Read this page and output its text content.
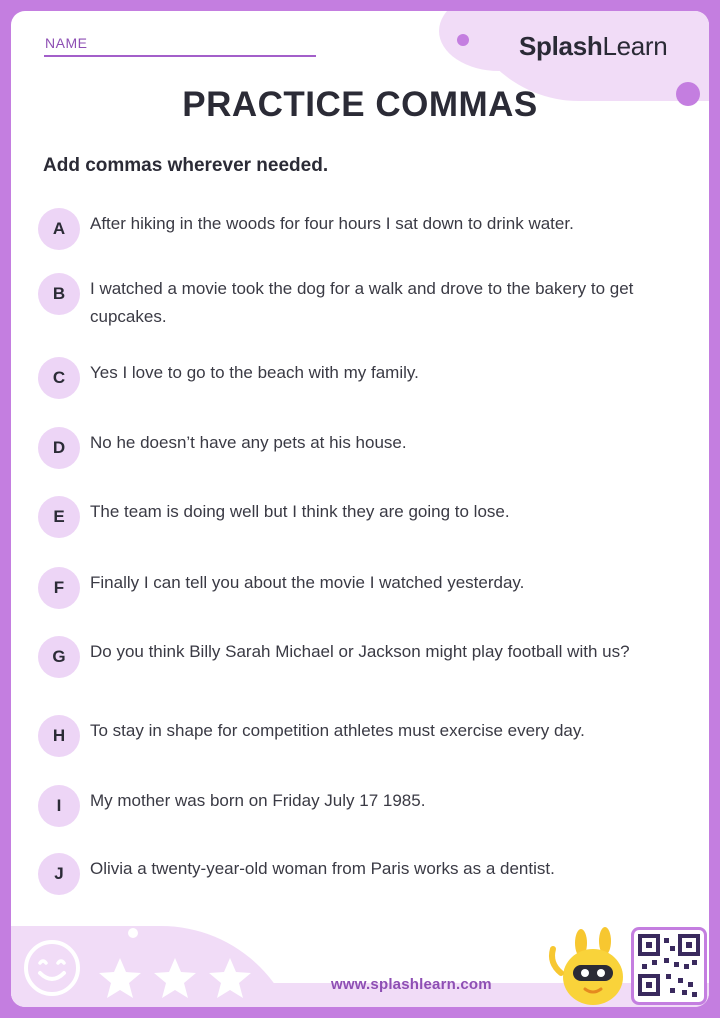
NAME	SplashLearn
PRACTICE COMMAS
Add commas wherever needed.
A	After hiking in the woods for four hours I sat down to drink water.
B	I watched a movie took the dog for a walk and drove to the bakery to get cupcakes.
C	Yes I love to go to the beach with my family.
D	No he doesn’t have any pets at his house.
E	The team is doing well but I think they are going to lose.
F	Finally I can tell you about the movie I watched yesterday.
G	Do you think Billy Sarah Michael or Jackson might play football with us?
H	To stay in shape for competition athletes must exercise every day.
I	My mother was born on Friday July 17 1985.
J	Olivia a twenty-year-old woman from Paris works as a dentist.
www.splashlearn.com
